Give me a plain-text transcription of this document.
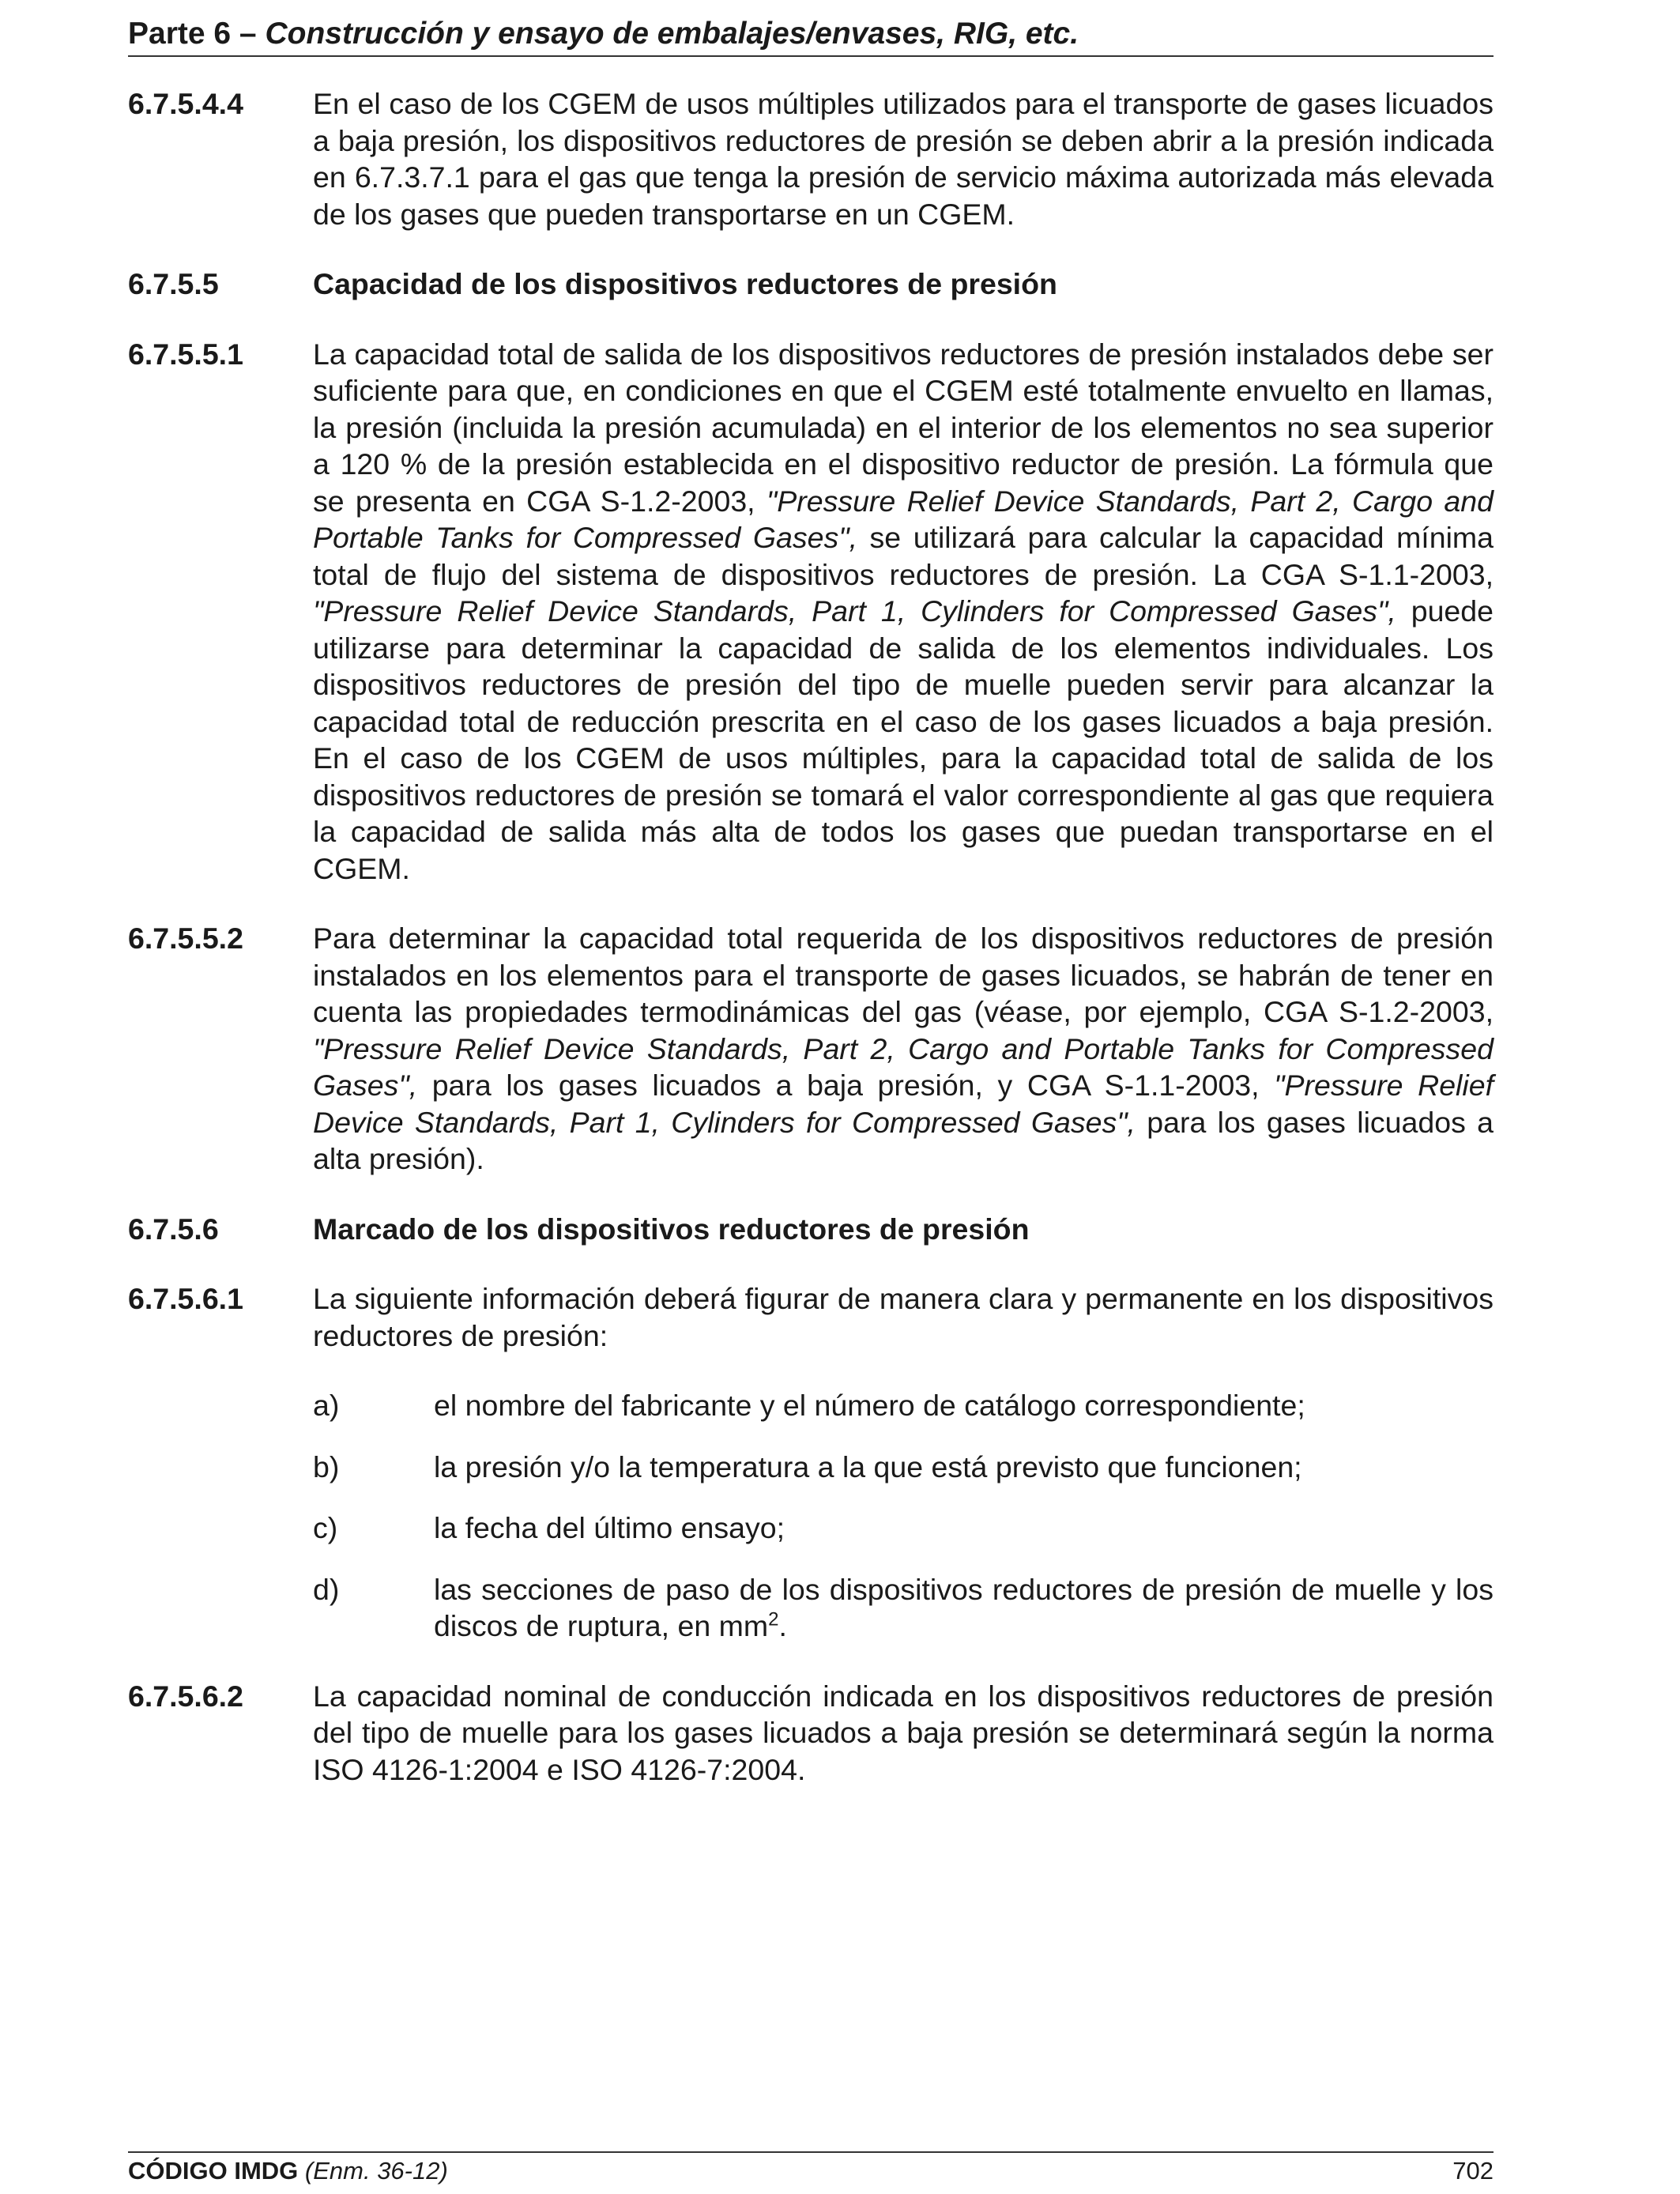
Parte 6 – Construcción y ensayo de embalajes/envases, RIG, etc.
6.7.5.4.4	En el caso de los CGEM de usos múltiples utilizados para el transporte de gases licuados a baja presión, los dispositivos reductores de presión se deben abrir a la presión indicada en 6.7.3.7.1 para el gas que tenga la presión de servicio máxima autorizada más elevada de los gases que pueden transportarse en un CGEM.
6.7.5.5	Capacidad de los dispositivos reductores de presión
6.7.5.5.1	La capacidad total de salida de los dispositivos reductores de presión instalados debe ser suficiente para que, en condiciones en que el CGEM esté totalmente envuelto en llamas, la presión (incluida la presión acumulada) en el interior de los elementos no sea superior a 120 % de la presión establecida en el dispositivo reductor de presión. La fórmula que se presenta en CGA S-1.2-2003, "Pressure Relief Device Standards, Part 2, Cargo and Portable Tanks for Compressed Gases", se utilizará para calcular la capacidad mínima total de flujo del sistema de dispositivos reductores de presión. La CGA S-1.1-2003, "Pressure Relief Device Standards, Part 1, Cylinders for Compressed Gases", puede utilizarse para determinar la capacidad de salida de los elementos individuales. Los dispositivos reductores de presión del tipo de muelle pueden servir para alcanzar la capacidad total de reducción prescrita en el caso de los gases licuados a baja presión. En el caso de los CGEM de usos múltiples, para la capacidad total de salida de los dispositivos reductores de presión se tomará el valor correspondiente al gas que requiera la capacidad de salida más alta de todos los gases que puedan transportarse en el CGEM.
6.7.5.5.2	Para determinar la capacidad total requerida de los dispositivos reductores de presión instalados en los elementos para el transporte de gases licuados, se habrán de tener en cuenta las propiedades termodinámicas del gas (véase, por ejemplo, CGA S-1.2-2003, "Pressure Relief Device Standards, Part 2, Cargo and Portable Tanks for Compressed Gases", para los gases licuados a baja presión, y CGA S-1.1-2003, "Pressure Relief Device Standards, Part 1, Cylinders for Compressed Gases", para los gases licuados a alta presión).
6.7.5.6	Marcado de los dispositivos reductores de presión
6.7.5.6.1	La siguiente información deberá figurar de manera clara y permanente en los dispositivos reductores de presión:
a)	el nombre del fabricante y el número de catálogo correspondiente;
b)	la presión y/o la temperatura a la que está previsto que funcionen;
c)	la fecha del último ensayo;
d)	las secciones de paso de los dispositivos reductores de presión de muelle y los discos de ruptura, en $mm^2$.
6.7.5.6.2	La capacidad nominal de conducción indicada en los dispositivos reductores de presión del tipo de muelle para los gases licuados a baja presión se determinará según la norma ISO 4126-1:2004 e ISO 4126-7:2004.
CÓDIGO IMDG (Enm. 36-12)	702
